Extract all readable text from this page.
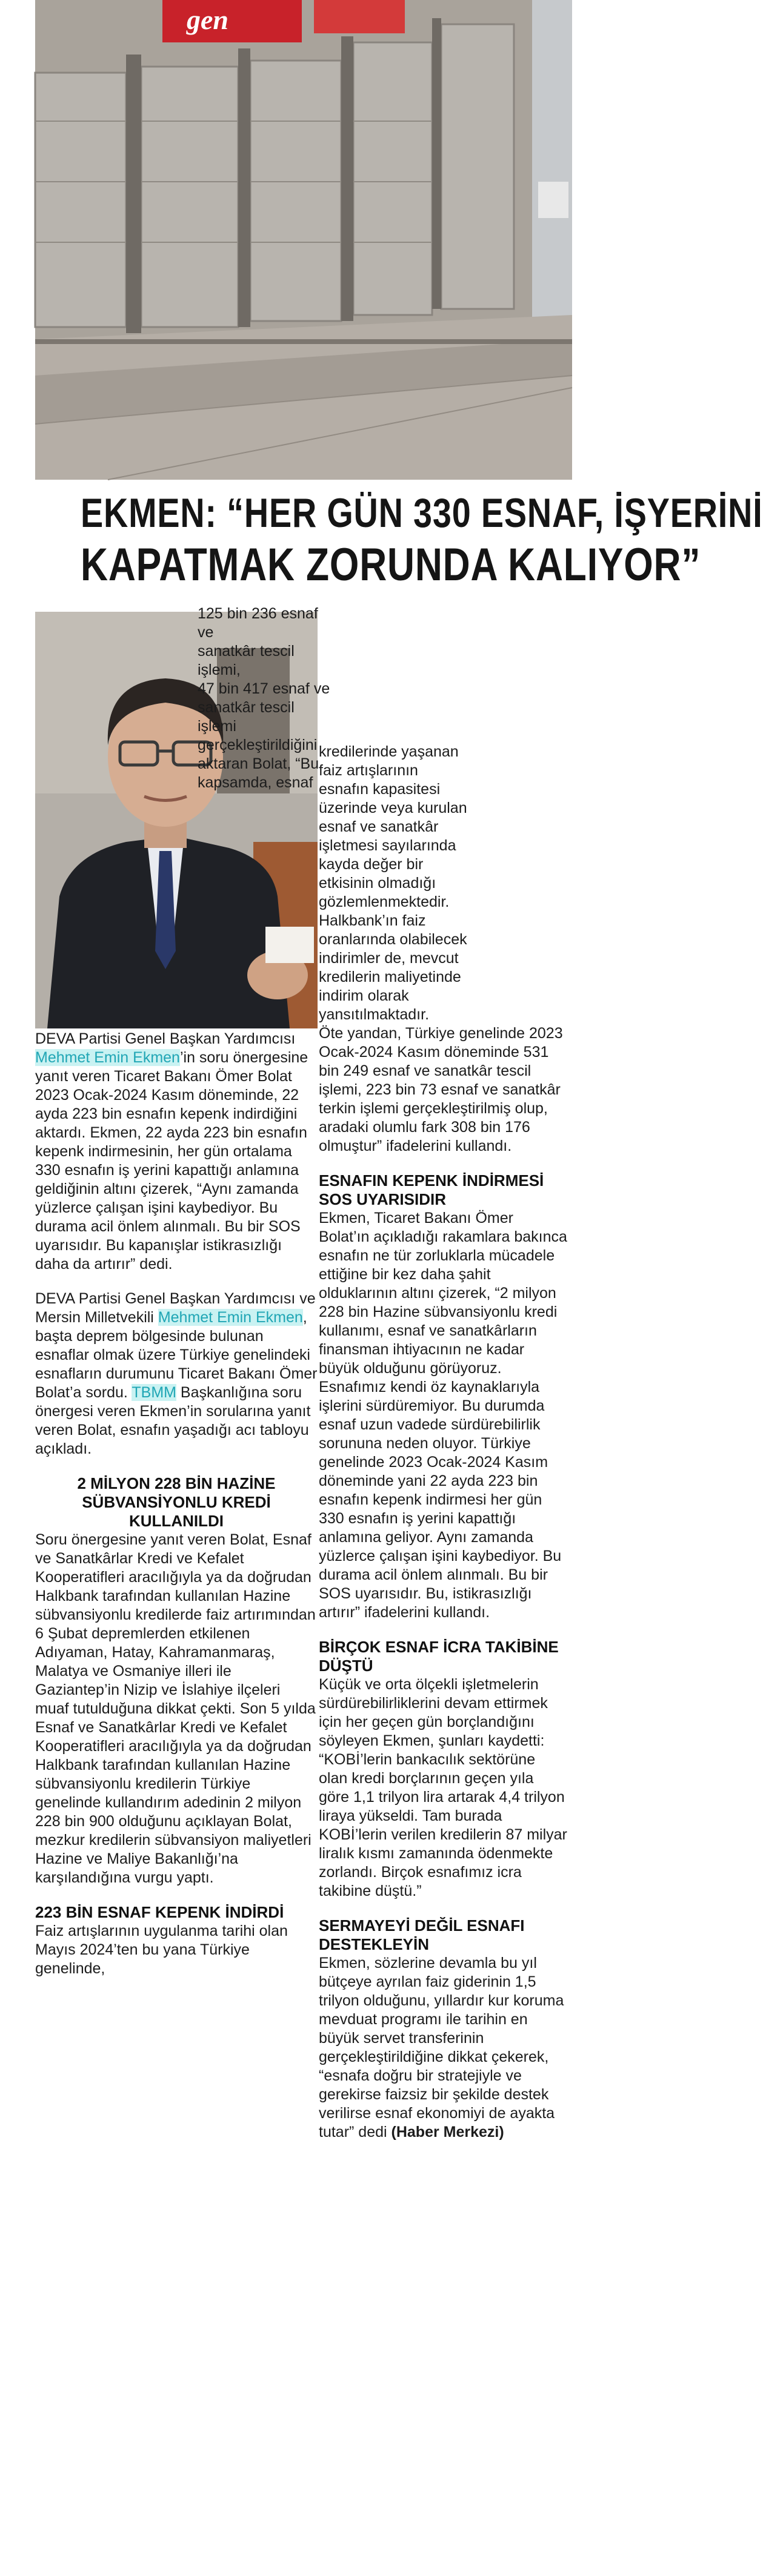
gen
EKMEN: “HER GÜN 330 ESNAF, İŞYERİNİ
KAPATMAK ZORUNDA KALIYOR”

125 bin 236 esnaf ve
sanatkâr tescil işlemi,
47 bin 417 esnaf ve
sanatkâr tescil işlemi
gerçekleştirildiğini
aktaran Bolat, “Bu
kapsamda, esnaf

kredilerinde yaşanan
faiz artışlarının
esnafın kapasitesi
üzerinde veya kurulan
esnaf ve sanatkâr
işletmesi sayılarında
kayda değer bir
etkisinin olmadığı
gözlemlenmektedir.
Halkbank’ın faiz
oranlarında olabilecek
indirimler de, mevcut
kredilerin maliyetinde
indirim olarak
yansıtılmaktadır.

Öte yandan, Türkiye genelinde 2023 Ocak-2024 Kasım döneminde 531 bin 249 esnaf ve sanatkâr tescil işlemi, 223 bin 73 esnaf ve sanatkâr terkin işlemi gerçekleştirilmiş olup, aradaki olumlu fark 308 bin 176 olmuştur” ifadelerini kullandı.

ESNAFIN KEPENK İNDİRMESİ SOS UYARISIDIR

Ekmen, Ticaret Bakanı Ömer Bolat’ın açıkladığı rakamlara bakınca esnafın ne tür zorluklarla mücadele ettiğine bir kez daha şahit olduklarının altını çizerek, “2 milyon 228 bin Hazine sübvansiyonlu kredi kullanımı, esnaf ve sanatkârların finansman ihtiyacının ne kadar büyük olduğunu görüyoruz. Esnafımız kendi öz kaynaklarıyla işlerini sürdüremiyor. Bu durumda esnaf uzun vadede sürdürebilirlik sorununa neden oluyor. Türkiye genelinde 2023 Ocak-2024 Kasım döneminde yani 22 ayda 223 bin esnafın kepenk indirmesi her gün 330 esnafın iş yerini kapattığı anlamına geliyor. Aynı zamanda yüzlerce çalışan işini kaybediyor. Bu durama acil önlem alınmalı. Bu bir SOS uyarısıdır. Bu, istikrasızlığı artırır” ifadelerini kullandı.

BİRÇOK ESNAF İCRA TAKİBİNE DÜŞTÜ

Küçük ve orta ölçekli işletmelerin sürdürebilirliklerini devam ettirmek için her geçen gün borçlandığını söyleyen Ekmen, şunları kaydetti: “KOBİ’lerin bankacılık sektörüne olan kredi borçlarının geçen yıla göre 1,1 trilyon lira artarak 4,4 trilyon liraya yükseldi. Tam burada KOBİ’lerin verilen kredilerin 87 milyar liralık kısmı zamanında ödenmekte zorlandı. Birçok esnafımız icra takibine düştü.”

SERMAYEYİ DEĞİL ESNAFI DESTEKLEYİN

Ekmen, sözlerine devamla bu yıl bütçeye ayrılan faiz giderinin 1,5 trilyon olduğunu, yıllardır kur koruma mevduat programı ile tarihin en büyük servet transferinin gerçekleştirildiğine dikkat çekerek, “esnafa doğru bir stratejiyle ve gerekirse faizsiz bir şekilde destek verilirse esnaf ekonomiyi de ayakta tutar” dedi (Haber Merkezi)

DEVA Partisi Genel Başkan Yardımcısı Mehmet Emin Ekmen’in soru önergesine yanıt veren Ticaret Bakanı Ömer Bolat 2023 Ocak-2024 Kasım döneminde, 22 ayda 223 bin esnafın kepenk indirdiğini aktardı. Ekmen, 22 ayda 223 bin esnafın kepenk indirmesinin, her gün ortalama 330 esnafın iş yerini kapattığı anlamına geldiğinin altını çizerek, “Aynı zamanda yüzlerce çalışan işini kaybediyor. Bu durama acil önlem alınmalı. Bu bir SOS uyarısıdır. Bu kapanışlar istikrasızlığı daha da artırır” dedi.

DEVA Partisi Genel Başkan Yardımcısı ve Mersin Milletvekili Mehmet Emin Ekmen, başta deprem bölgesinde bulunan esnaflar olmak üzere Türkiye genelindeki esnafların durumunu Ticaret Bakanı Ömer Bolat’a sordu. TBMM Başkanlığına soru önergesi veren Ekmen’in sorularına yanıt veren Bolat, esnafın yaşadığı acı tabloyu açıkladı.

2 MİLYON 228 BİN HAZİNE SÜBVANSİYONLU KREDİ KULLANILDI

Soru önergesine yanıt veren Bolat, Esnaf ve Sanatkârlar Kredi ve Kefalet Kooperatifleri aracılığıyla ya da doğrudan Halkbank tarafından kullanılan Hazine sübvansiyonlu kredilerde faiz artırımından 6 Şubat depremlerden etkilenen Adıyaman, Hatay, Kahramanmaraş, Malatya ve Osmaniye illeri ile Gaziantep’in Nizip ve İslahiye ilçeleri muaf tutulduğuna dikkat çekti. Son 5 yılda Esnaf ve Sanatkârlar Kredi ve Kefalet Kooperatifleri aracılığıyla ya da doğrudan Halkbank tarafından kullanılan Hazine sübvansiyonlu kredilerin Türkiye genelinde kullandırım adedinin 2 milyon 228 bin 900 olduğunu açıklayan Bolat, mezkur kredilerin sübvansiyon maliyetleri Hazine ve Maliye Bakanlığı’na karşılandığına vurgu yaptı.

223 BİN ESNAF KEPENK İNDİRDİ

Faiz artışlarının uygulanma tarihi olan Mayıs 2024’ten bu yana Türkiye genelinde,
